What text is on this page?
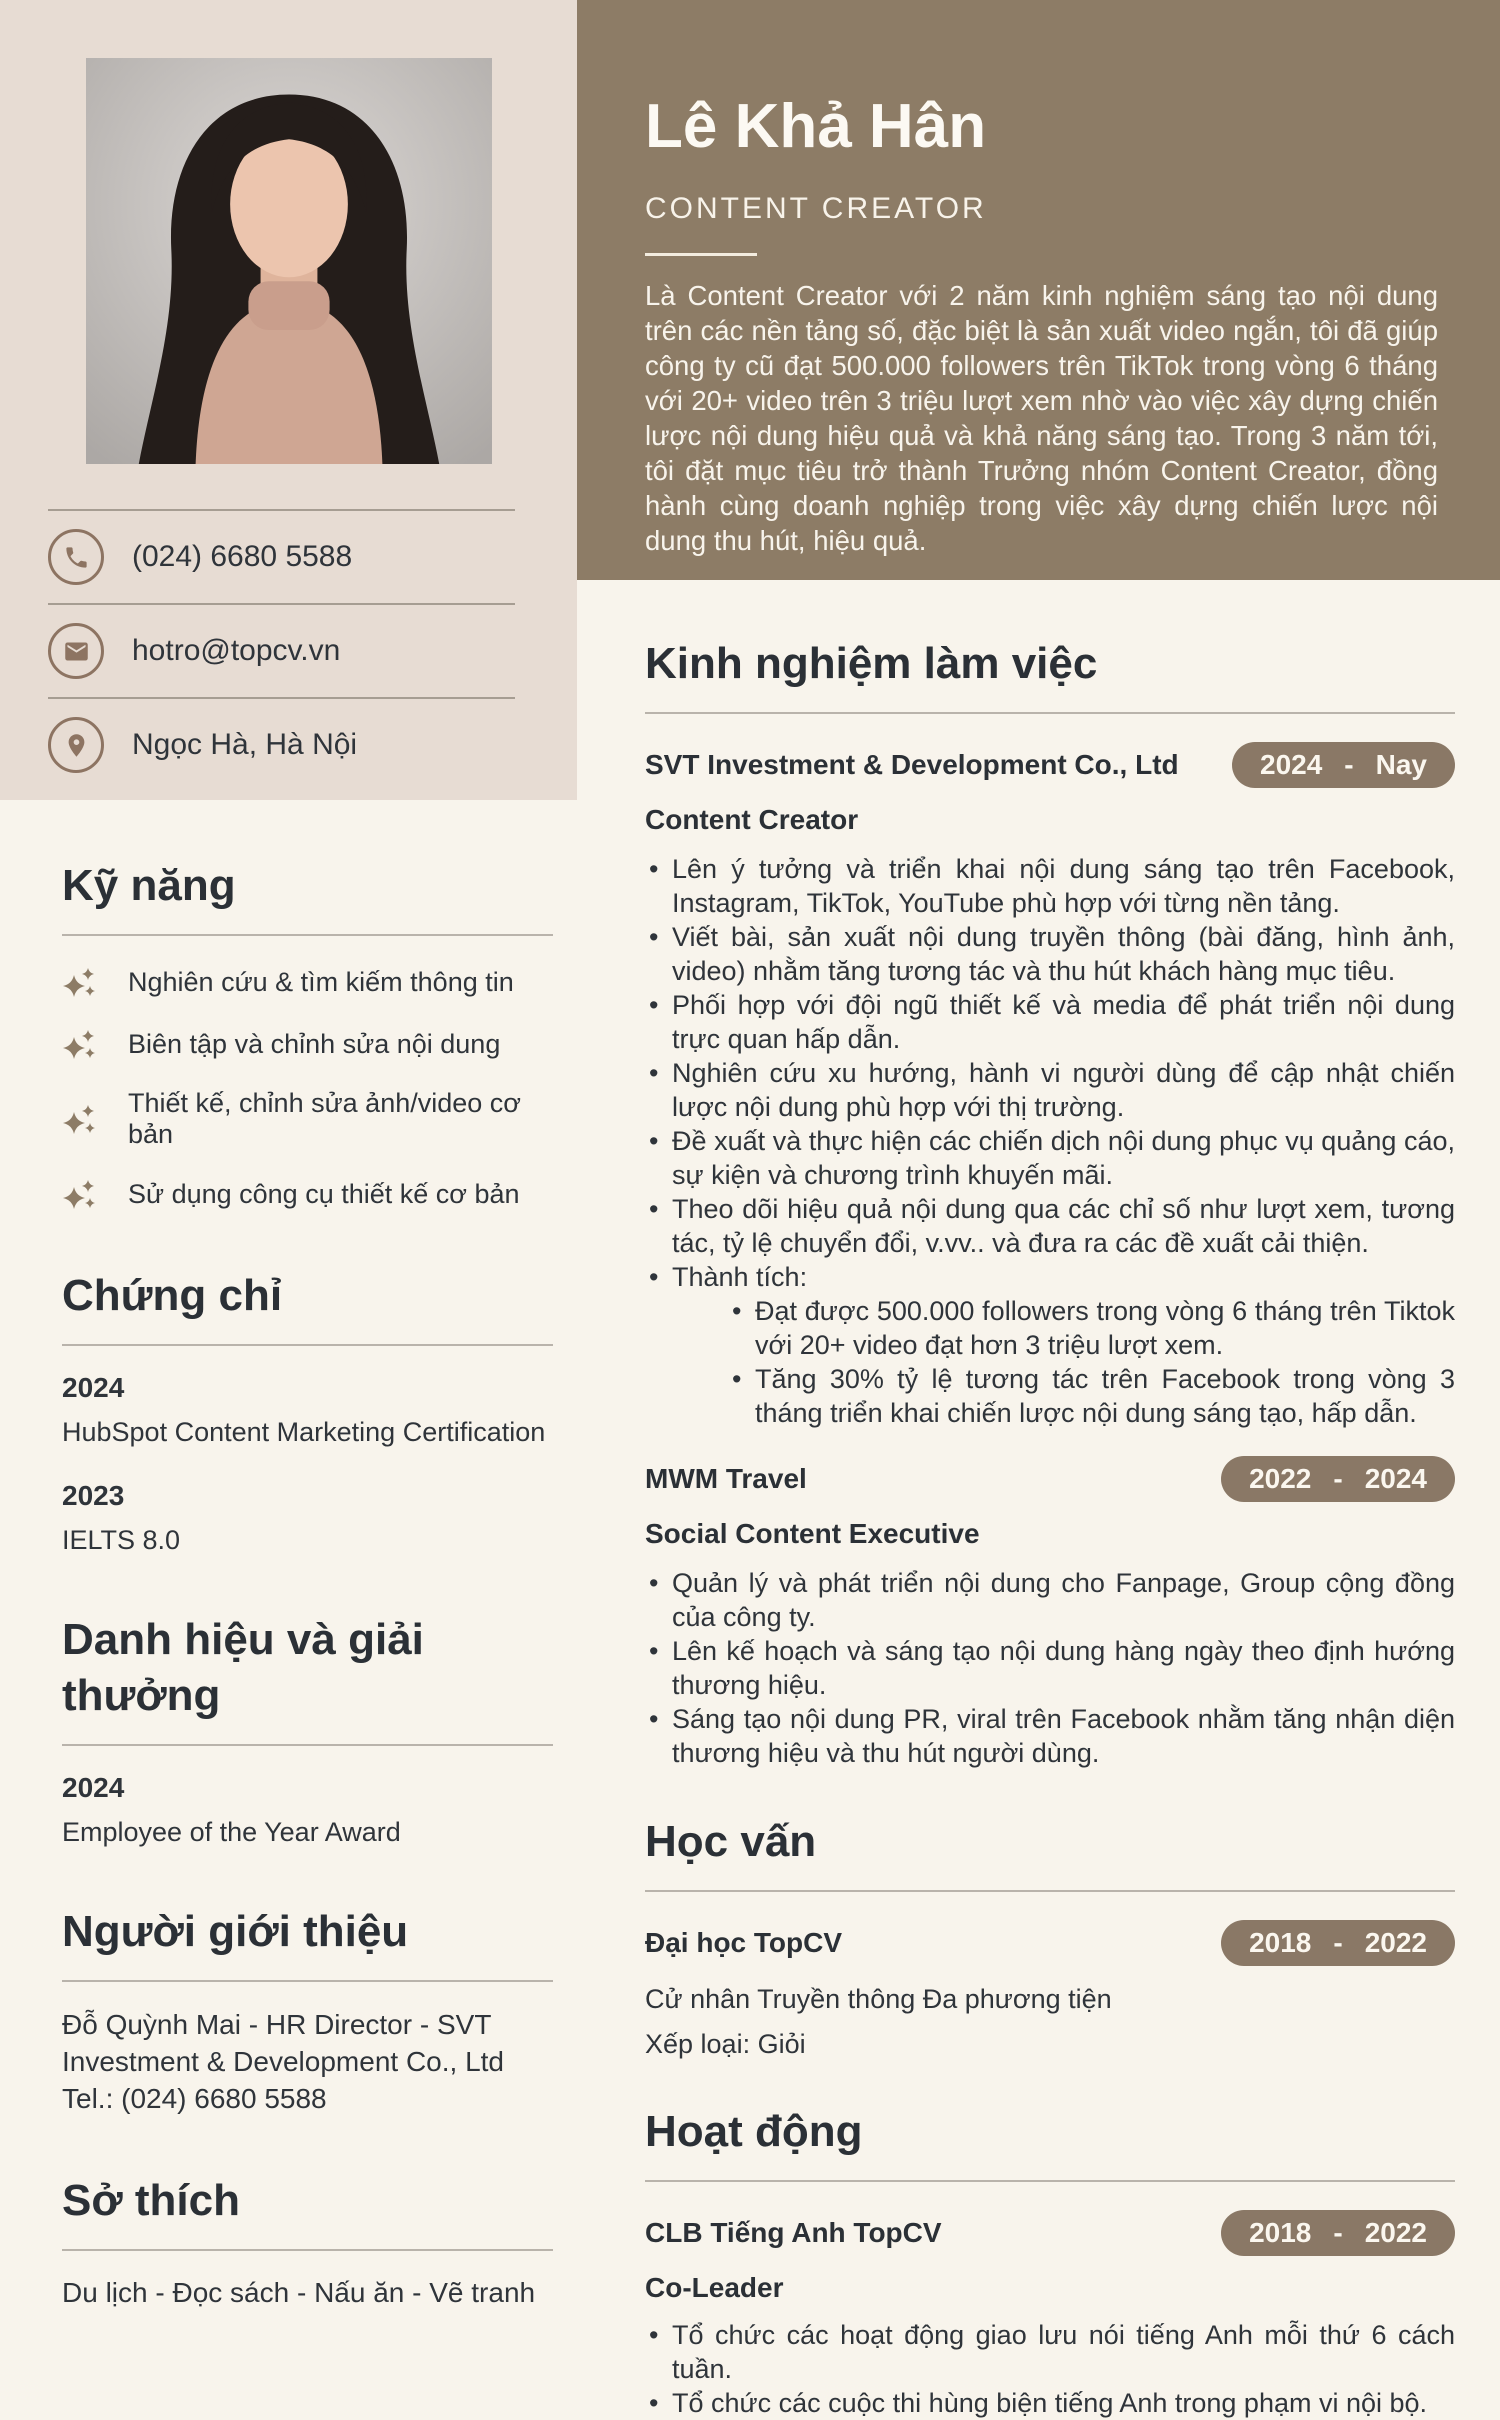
(024) 6680 5588
hotro@topcv.vn
Ngọc Hà, Hà Nội
Kỹ năng
Nghiên cứu & tìm kiếm thông tin
Biên tập và chỉnh sửa nội dung
Thiết kế, chỉnh sửa ảnh/video cơ bản
Sử dụng công cụ thiết kế cơ bản
Chứng chỉ
2024
HubSpot Content Marketing Certification
2023
IELTS 8.0
Danh hiệu và giải thưởng
2024
Employee of the Year Award
Người giới thiệu
Đỗ Quỳnh Mai - HR Director - SVT Investment & Development Co., Ltd
Tel.: (024) 6680 5588
Sở thích
Du lịch - Đọc sách - Nấu ăn - Vẽ tranh
Lê Khả Hân
CONTENT CREATOR
Là Content Creator với 2 năm kinh nghiệm sáng tạo nội dung trên các nền tảng số, đặc biệt là sản xuất video ngắn, tôi đã giúp công ty cũ đạt 500.000 followers trên TikTok trong vòng 6 tháng với 20+ video trên 3 triệu lượt xem nhờ vào việc xây dựng chiến lược nội dung hiệu quả và khả năng sáng tạo. Trong 3 năm tới, tôi đặt mục tiêu trở thành Trưởng nhóm Content Creator, đồng hành cùng doanh nghiệp trong việc xây dựng chiến lược nội dung thu hút, hiệu quả.
Kinh nghiệm làm việc
SVT Investment & Development Co., Ltd	2024 - Nay
Content Creator
• Lên ý tưởng và triển khai nội dung sáng tạo trên Facebook, Instagram, TikTok, YouTube phù hợp với từng nền tảng.
• Viết bài, sản xuất nội dung truyền thông (bài đăng, hình ảnh, video) nhằm tăng tương tác và thu hút khách hàng mục tiêu.
• Phối hợp với đội ngũ thiết kế và media để phát triển nội dung trực quan hấp dẫn.
• Nghiên cứu xu hướng, hành vi người dùng để cập nhật chiến lược nội dung phù hợp với thị trường.
• Đề xuất và thực hiện các chiến dịch nội dung phục vụ quảng cáo, sự kiện và chương trình khuyến mãi.
• Theo dõi hiệu quả nội dung qua các chỉ số như lượt xem, tương tác, tỷ lệ chuyển đổi, v.vv.. và đưa ra các đề xuất cải thiện.
• Thành tích:
• Đạt được 500.000 followers trong vòng 6 tháng trên Tiktok với 20+ video đạt hơn 3 triệu lượt xem.
• Tăng 30% tỷ lệ tương tác trên Facebook trong vòng 3 tháng triển khai chiến lược nội dung sáng tạo, hấp dẫn.
MWM Travel	2022 - 2024
Social Content Executive
• Quản lý và phát triển nội dung cho Fanpage, Group cộng đồng của công ty.
• Lên kế hoạch và sáng tạo nội dung hàng ngày theo định hướng thương hiệu.
• Sáng tạo nội dung PR, viral trên Facebook nhằm tăng nhận diện thương hiệu và thu hút người dùng.
Học vấn
Đại học TopCV	2018 - 2022
Cử nhân Truyền thông Đa phương tiện
Xếp loại: Giỏi
Hoạt động
CLB Tiếng Anh TopCV	2018 - 2022
Co-Leader
• Tổ chức các hoạt động giao lưu nói tiếng Anh mỗi thứ 6 cách tuần.
• Tổ chức các cuộc thi hùng biện tiếng Anh trong phạm vi nội bộ.
